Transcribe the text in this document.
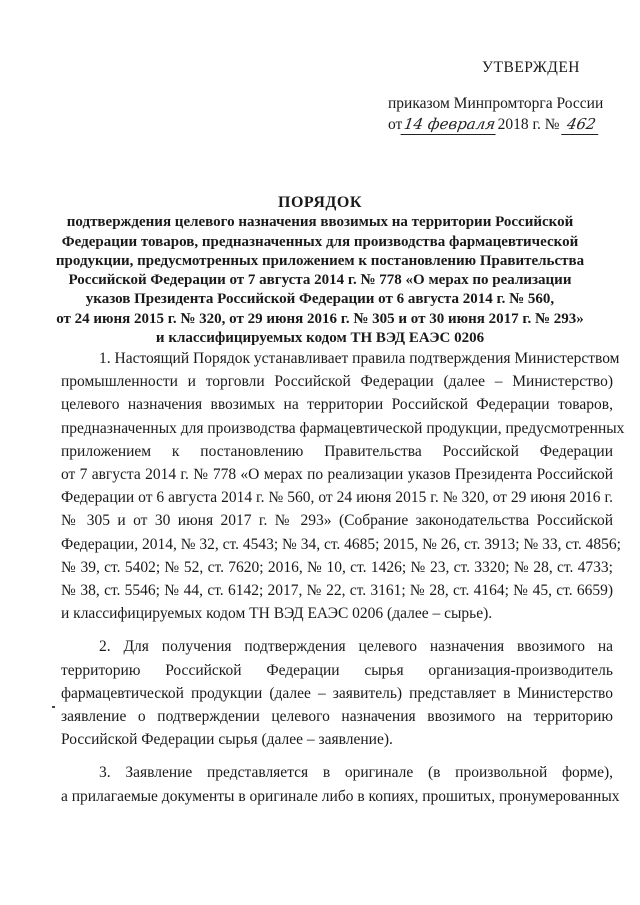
УТВЕРЖДЕН
приказом Минпромторга России
от14 февраля2018 г. № 462
ПОРЯДОК
подтверждения целевого назначения ввозимых на территории Российской
Федерации товаров, предназначенных для производства фармацевтической
продукции, предусмотренных приложением к постановлению Правительства
Российской Федерации от 7 августа 2014 г. № 778 «О мерах по реализации
указов Президента Российской Федерации от 6 августа 2014 г. № 560,
от 24 июня 2015 г. № 320, от 29 июня 2016 г. № 305 и от 30 июня 2017 г. № 293»
и классифицируемых кодом ТН ВЭД ЕАЭС 0206
1. Настоящий Порядок устанавливает правила подтверждения Министерством
промышленности и торговли Российской Федерации (далее – Министерство)
целевого назначения ввозимых на территории Российской Федерации товаров,
предназначенных для производства фармацевтической продукции, предусмотренных
приложением к постановлению Правительства Российской Федерации
от 7 августа 2014 г. № 778 «О мерах по реализации указов Президента Российской
Федерации от 6 августа 2014 г. № 560, от 24 июня 2015 г. № 320, от 29 июня 2016 г.
№ 305 и от 30 июня 2017 г. № 293» (Собрание законодательства Российской
Федерации, 2014, № 32, ст. 4543; № 34, ст. 4685; 2015, № 26, ст. 3913; № 33, ст. 4856;
№ 39, ст. 5402; № 52, ст. 7620; 2016, № 10, ст. 1426; № 23, ст. 3320; № 28, ст. 4733;
№ 38, ст. 5546; № 44, ст. 6142; 2017, № 22, ст. 3161; № 28, ст. 4164; № 45, ст. 6659)
и классифицируемых кодом ТН ВЭД ЕАЭС 0206 (далее – сырье).
2. Для получения подтверждения целевого назначения ввозимого на
территорию Российской Федерации сырья организация-производитель
фармацевтической продукции (далее – заявитель) представляет в Министерство
заявление о подтверждении целевого назначения ввозимого на территорию
Российской Федерации сырья (далее – заявление).
3. Заявление представляется в оригинале (в произвольной форме),
а прилагаемые документы в оригинале либо в копиях, прошитых, пронумерованных
